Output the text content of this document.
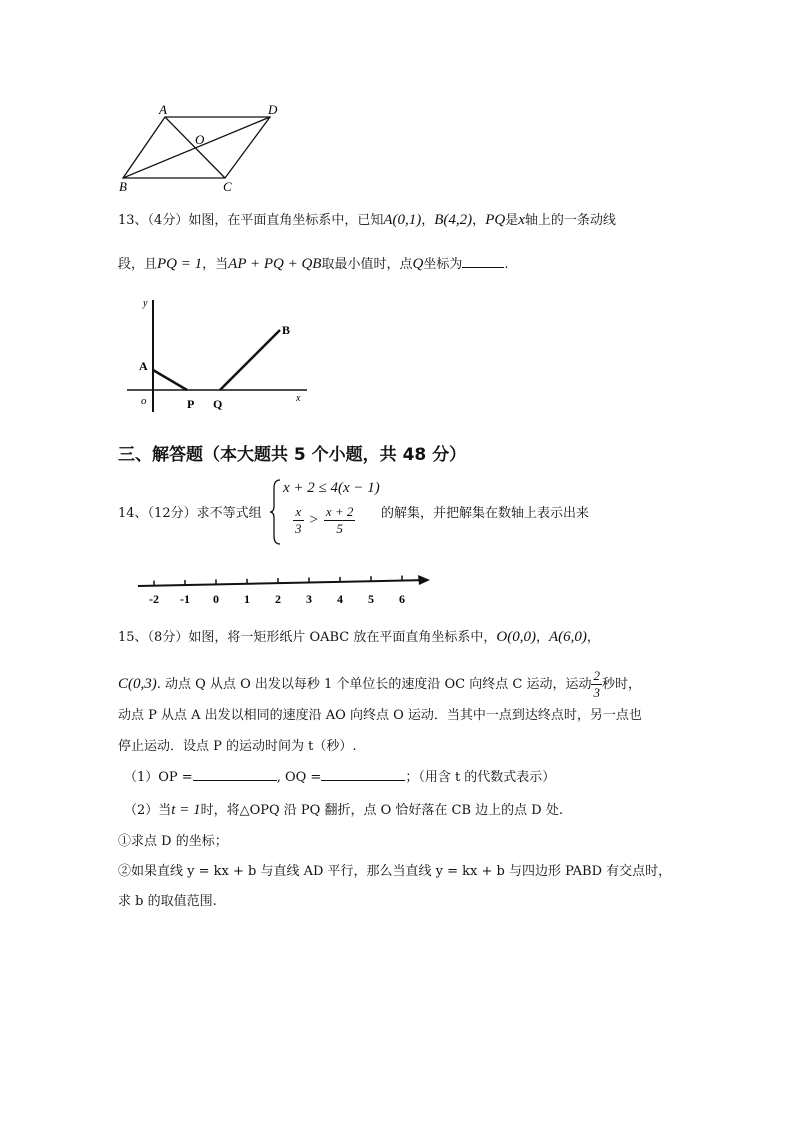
A	D
O
B	C
13、（4分）如图，在平面直角坐标系中，已知A(0,1)，B(4,2)，PQ是x轴上的一条动线
段，且PQ = 1，当AP + PQ + QB取最小值时，点Q坐标为	.
y
A
o	P Q
B
x
三、解答题（本大题共 5 个小题，共 48 分）
14、（12分）求不等式组
x + 2 ≤ 4(x − 1)
$\frac{x}{3} > \frac{x + 2}{5}$ 的解集，并把解集在数轴上表示出来
-2 -1 0 1 2 3 4 5 6
15、（8分）如图，将一矩形纸片 OABC 放在平面直角坐标系中，O(0,0)，A(6,0)，
C(0,3). 动点 Q 从点 O 出发以每秒 1 个单位长的速度沿 OC 向终点 C 运动，运动 $\frac{2}{3}$ 秒时，
动点 P 从点 A 出发以相同的速度沿 AO 向终点 O 运动．当其中一点到达终点时，另一点也
停止运动．设点 P 的运动时间为 t（秒）.
（1）OP =	, OQ =	；（用含 t 的代数式表示）
（2）当t = 1时，将△OPQ 沿 PQ 翻折，点 O 恰好落在 CB 边上的点 D 处.
①求点 D 的坐标；
②如果直线 y = kx + b 与直线 AD 平行，那么当直线 y = kx + b 与四边形 PABD 有交点时，
求 b 的取值范围.
